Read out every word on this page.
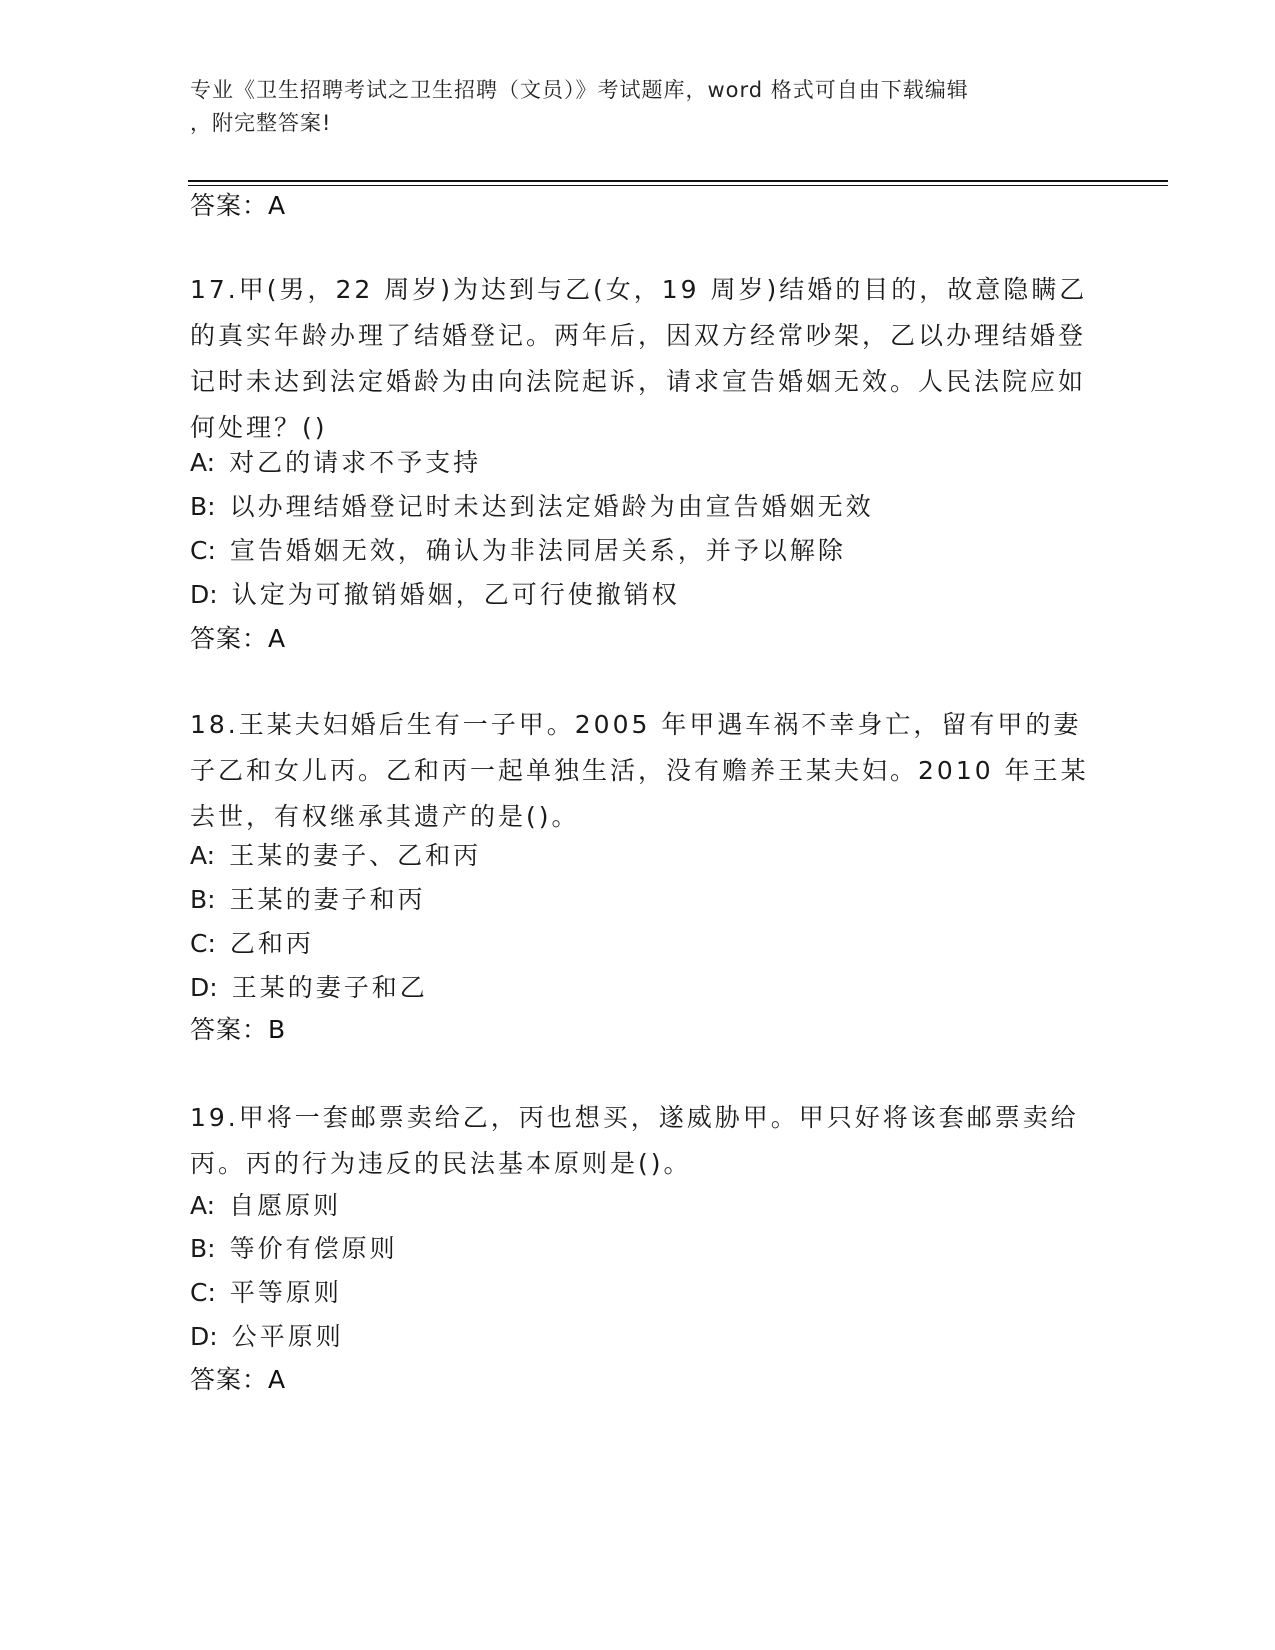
专业《卫生招聘考试之卫生招聘（文员）》考试题库，word 格式可自由下载编辑
，附完整答案!
答案：A

17.甲(男，22 周岁)为达到与乙(女，19 周岁)结婚的目的，故意隐瞒乙的真实年龄办理了结婚登记。两年后，因双方经常吵架，乙以办理结婚登记时未达到法定婚龄为由向法院起诉，请求宣告婚姻无效。人民法院应如何处理？()

A: 对乙的请求不予支持
B: 以办理结婚登记时未达到法定婚龄为由宣告婚姻无效
C: 宣告婚姻无效，确认为非法同居关系，并予以解除
D: 认定为可撤销婚姻，乙可行使撤销权
答案：A

18.王某夫妇婚后生有一子甲。2005 年甲遇车祸不幸身亡，留有甲的妻子乙和女儿丙。乙和丙一起单独生活，没有赡养王某夫妇。2010 年王某去世，有权继承其遗产的是()。

A: 王某的妻子、乙和丙
B: 王某的妻子和丙
C: 乙和丙
D: 王某的妻子和乙
答案：B

19.甲将一套邮票卖给乙，丙也想买，遂威胁甲。甲只好将该套邮票卖给丙。丙的行为违反的民法基本原则是()。

A: 自愿原则
B: 等价有偿原则
C: 平等原则
D: 公平原则
答案：A
